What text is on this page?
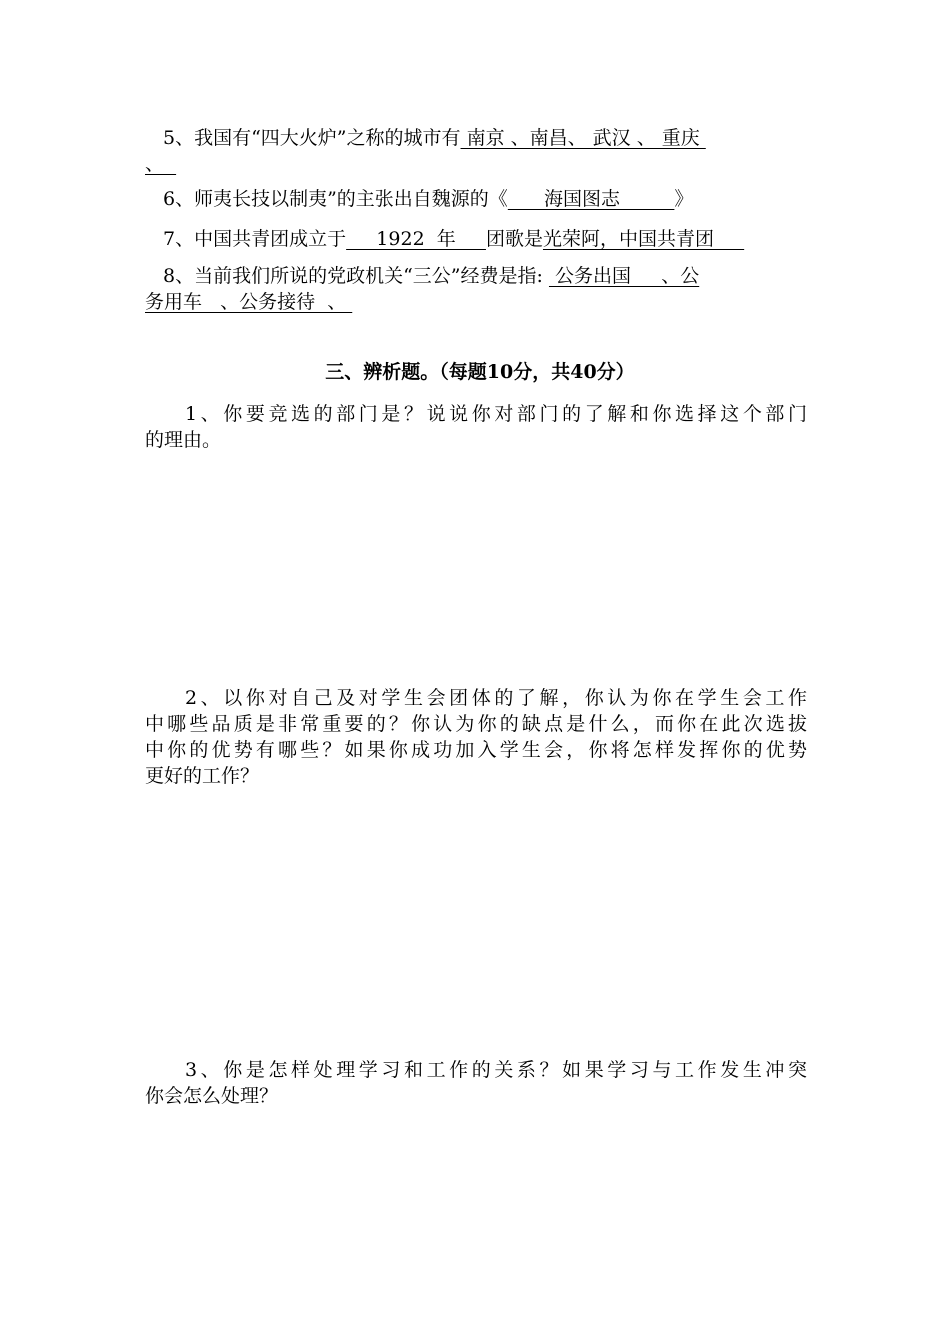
5、我国有“四大火炉”之称的城市有 南京 、南昌、 武汉 、 重庆
、
6、师夷长技以制夷”的主张出自魏源的《      海国图志         》
7、中国共青团成立于     1922  年     团歌是光荣阿，中国共青团
8、当前我们所说的党政机关“三公”经费是指:  公务出国     、公
务用车   、公务接待  、
三、辨析题。（每题10分，共40分）
1、你要竞选的部门是？说说你对部门的了解和你选择这个部门
的理由。
2、以你对自己及对学生会团体的了解，你认为你在学生会工作
中哪些品质是非常重要的？你认为你的缺点是什么，而你在此次选拔
中你的优势有哪些？如果你成功加入学生会，你将怎样发挥你的优势
更好的工作？
3、你是怎样处理学习和工作的关系？如果学习与工作发生冲突
你会怎么处理？
